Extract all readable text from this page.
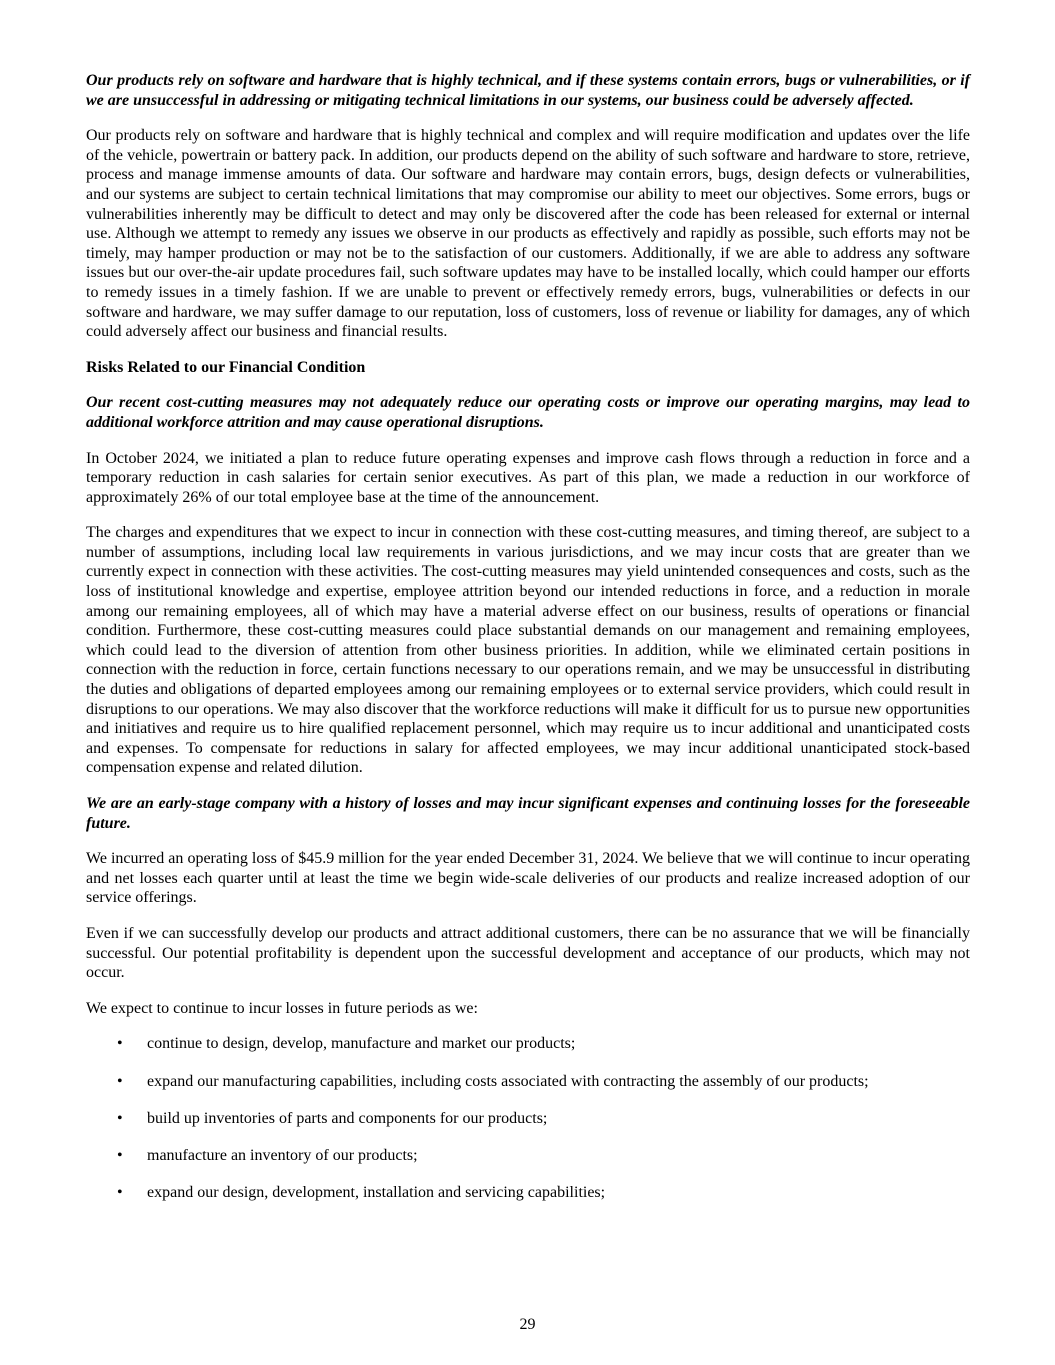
Our products rely on software and hardware that is highly technical, and if these systems contain errors, bugs or vulnerabilities, or if we are unsuccessful in addressing or mitigating technical limitations in our systems, our business could be adversely affected.

Our products rely on software and hardware that is highly technical and complex and will require modification and updates over the life of the vehicle, powertrain or battery pack. In addition, our products depend on the ability of such software and hardware to store, retrieve, process and manage immense amounts of data. Our software and hardware may contain errors, bugs, design defects or vulnerabilities, and our systems are subject to certain technical limitations that may compromise our ability to meet our objectives. Some errors, bugs or vulnerabilities inherently may be difficult to detect and may only be discovered after the code has been released for external or internal use. Although we attempt to remedy any issues we observe in our products as effectively and rapidly as possible, such efforts may not be timely, may hamper production or may not be to the satisfaction of our customers. Additionally, if we are able to address any software issues but our over-the-air update procedures fail, such software updates may have to be installed locally, which could hamper our efforts to remedy issues in a timely fashion. If we are unable to prevent or effectively remedy errors, bugs, vulnerabilities or defects in our software and hardware, we may suffer damage to our reputation, loss of customers, loss of revenue or liability for damages, any of which could adversely affect our business and financial results.

Risks Related to our Financial Condition

Our recent cost-cutting measures may not adequately reduce our operating costs or improve our operating margins, may lead to additional workforce attrition and may cause operational disruptions.

In October 2024, we initiated a plan to reduce future operating expenses and improve cash flows through a reduction in force and a temporary reduction in cash salaries for certain senior executives. As part of this plan, we made a reduction in our workforce of approximately 26% of our total employee base at the time of the announcement.

The charges and expenditures that we expect to incur in connection with these cost-cutting measures, and timing thereof, are subject to a number of assumptions, including local law requirements in various jurisdictions, and we may incur costs that are greater than we currently expect in connection with these activities. The cost-cutting measures may yield unintended consequences and costs, such as the loss of institutional knowledge and expertise, employee attrition beyond our intended reductions in force, and a reduction in morale among our remaining employees, all of which may have a material adverse effect on our business, results of operations or financial condition. Furthermore, these cost-cutting measures could place substantial demands on our management and remaining employees, which could lead to the diversion of attention from other business priorities. In addition, while we eliminated certain positions in connection with the reduction in force, certain functions necessary to our operations remain, and we may be unsuccessful in distributing the duties and obligations of departed employees among our remaining employees or to external service providers, which could result in disruptions to our operations. We may also discover that the workforce reductions will make it difficult for us to pursue new opportunities and initiatives and require us to hire qualified replacement personnel, which may require us to incur additional and unanticipated costs and expenses. To compensate for reductions in salary for affected employees, we may incur additional unanticipated stock-based compensation expense and related dilution.

We are an early-stage company with a history of losses and may incur significant expenses and continuing losses for the foreseeable future.

We incurred an operating loss of $45.9 million for the year ended December 31, 2024. We believe that we will continue to incur operating and net losses each quarter until at least the time we begin wide-scale deliveries of our products and realize increased adoption of our service offerings.

Even if we can successfully develop our products and attract additional customers, there can be no assurance that we will be financially successful. Our potential profitability is dependent upon the successful development and acceptance of our products, which may not occur.

We expect to continue to incur losses in future periods as we:

• continue to design, develop, manufacture and market our products;
• expand our manufacturing capabilities, including costs associated with contracting the assembly of our products;
• build up inventories of parts and components for our products;
• manufacture an inventory of our products;
• expand our design, development, installation and servicing capabilities;
29
